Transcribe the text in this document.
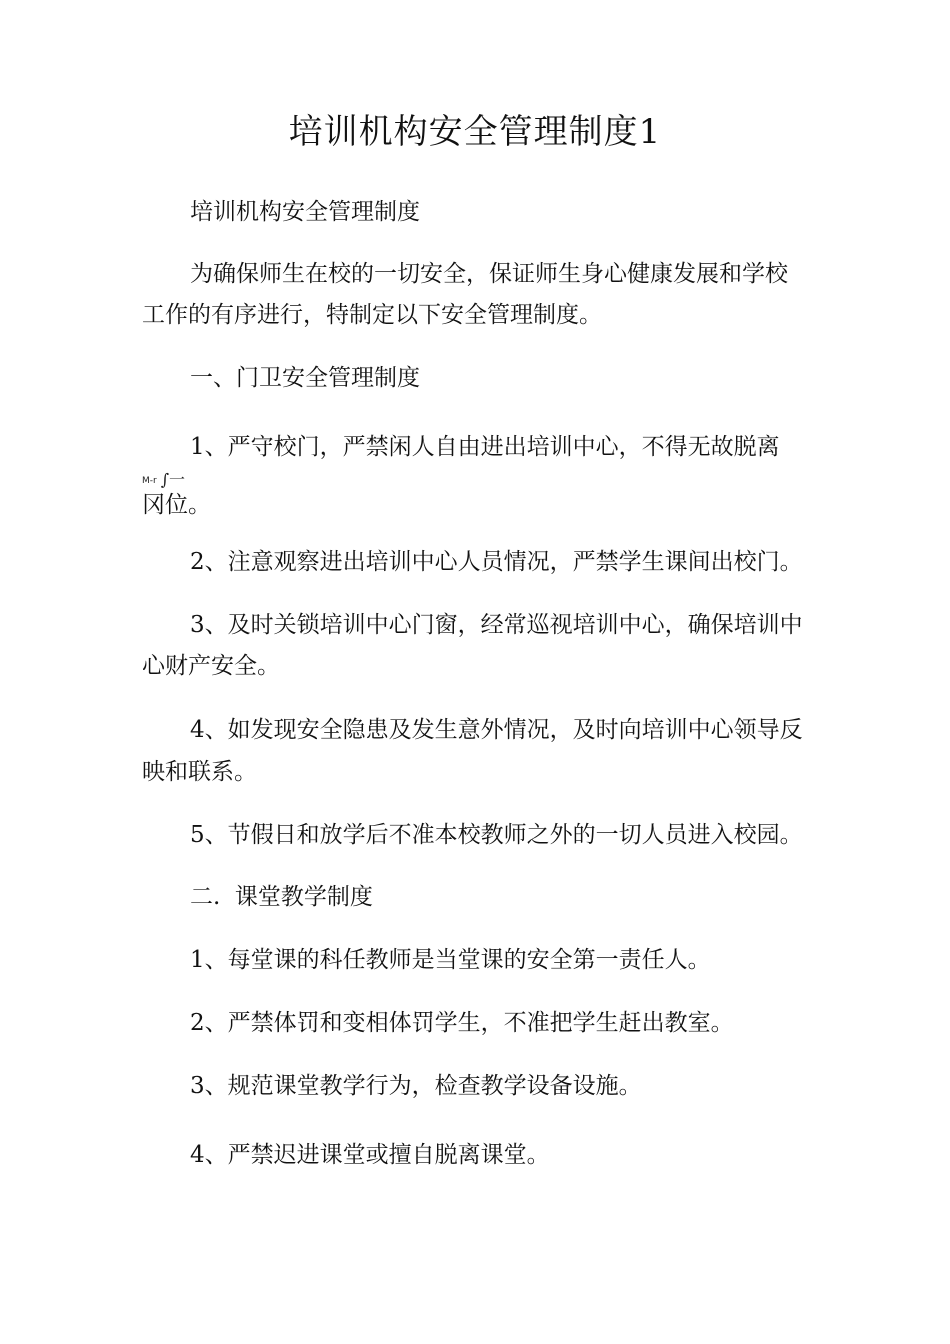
培训机构安全管理制度1
培训机构安全管理制度
为确保师生在校的一切安全，保证师生身心健康发展和学校
工作的有序进行，特制定以下安全管理制度。
一、门卫安全管理制度
1、严守校门，严禁闲人自由进出培训中心，不得无故脱离
M-r ∫一
冈位。
2、注意观察进出培训中心人员情况，严禁学生课间出校门。
3、及时关锁培训中心门窗，经常巡视培训中心，确保培训中
心财产安全。
4、如发现安全隐患及发生意外情况，及时向培训中心领导反
映和联系。
5、节假日和放学后不准本校教师之外的一切人员进入校园。
二.  课堂教学制度
1、每堂课的科任教师是当堂课的安全第一责任人。
2、严禁体罚和变相体罚学生，不准把学生赶出教室。
3、规范课堂教学行为，检查教学设备设施。
4、严禁迟进课堂或擅自脱离课堂。
